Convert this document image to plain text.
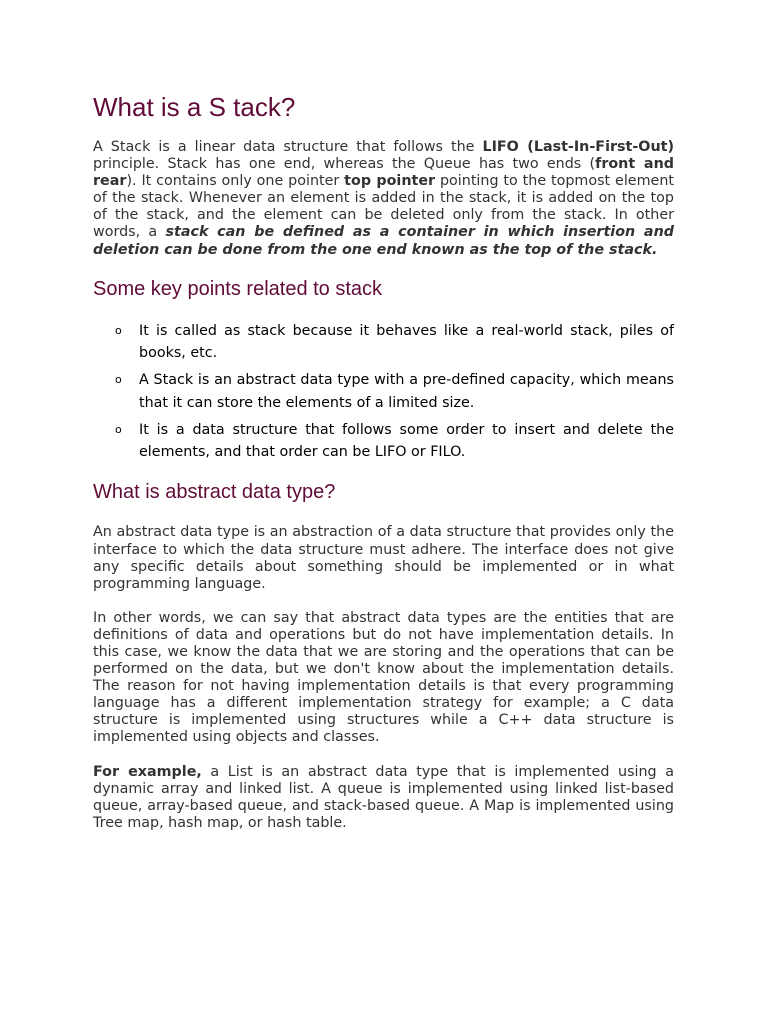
What is a S tack?

A Stack is a linear data structure that follows the LIFO (Last-In-First-Out) principle. Stack has one end, whereas the Queue has two ends (front and rear). It contains only one pointer top pointer pointing to the topmost element of the stack. Whenever an element is added in the stack, it is added on the top of the stack, and the element can be deleted only from the stack. In other words, a stack can be defined as a container in which insertion and deletion can be done from the one end known as the top of the stack.

Some key points related to stack
o It is called as stack because it behaves like a real-world stack, piles of books, etc.
o A Stack is an abstract data type with a pre-defined capacity, which means that it can store the elements of a limited size.
o It is a data structure that follows some order to insert and delete the elements, and that order can be LIFO or FILO.
What is abstract data type?

An abstract data type is an abstraction of a data structure that provides only the interface to which the data structure must adhere. The interface does not give any specific details about something should be implemented or in what programming language.

In other words, we can say that abstract data types are the entities that are definitions of data and operations but do not have implementation details. In this case, we know the data that we are storing and the operations that can be performed on the data, but we don't know about the implementation details. The reason for not having implementation details is that every programming language has a different implementation strategy for example; a C data structure is implemented using structures while a C++ data structure is implemented using objects and classes.

For example, a List is an abstract data type that is implemented using a dynamic array and linked list. A queue is implemented using linked list-based queue, array-based queue, and stack-based queue. A Map is implemented using Tree map, hash map, or hash table.
